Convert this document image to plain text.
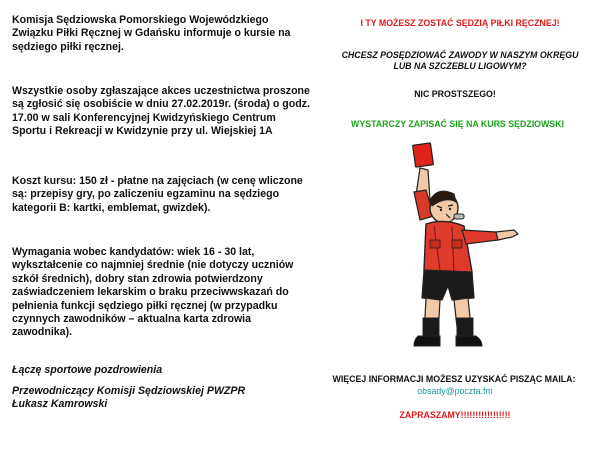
Komisja Sędziowska Pomorskiego Wojewódzkiego Związku Piłki Ręcznej w Gdańsku informuje o kursie na sędziego piłki ręcznej.

Wszystkie osoby zgłaszające akces uczestnictwa proszone są zgłosić się osobiście w dniu 27.02.2019r. (środa) o godz. 17.00 w sali Konferencyjnej Kwidzyńskiego Centrum Sportu i Rekreacji w Kwidzynie przy ul. Wiejskiej 1A

Koszt kursu: 150 zł - płatne na zajęciach (w cenę wliczone są: przepisy gry, po zaliczeniu egzaminu na sędziego kategorii B: kartki, emblemat, gwizdek).

Wymagania wobec kandydatów: wiek 16 - 30 lat, wykształcenie co najmniej średnie (nie dotyczy uczniów szkół średnich), dobry stan zdrowia potwierdzony zaświadczeniem lekarskim o braku przeciwwskazań do pełnienia funkcji sędziego piłki ręcznej (w przypadku czynnych zawodników – aktualna karta zdrowia zawodnika).

Łączę sportowe pozdrowienia

Przewodniczący Komisji Sędziowskiej PWZPR
Łukasz Kamrowski
I TY MOŻESZ ZOSTAĆ SĘDZIĄ PIŁKI RĘCZNEJ!
CHCESZ POSĘDZIOWAĆ ZAWODY W NASZYM OKRĘGU
LUB NA SZCZEBLU LIGOWYM?
NIC PROSTSZEGO!
WYSTARCZY ZAPISAĆ SIĘ NA KURS SĘDZIOWSKI
WIĘCEJ INFORMACJI MOŻESZ UZYSKAĆ PISZĄC MAILA:
obsady@poczta.fm
ZAPRASZAMY!!!!!!!!!!!!!!!!!
